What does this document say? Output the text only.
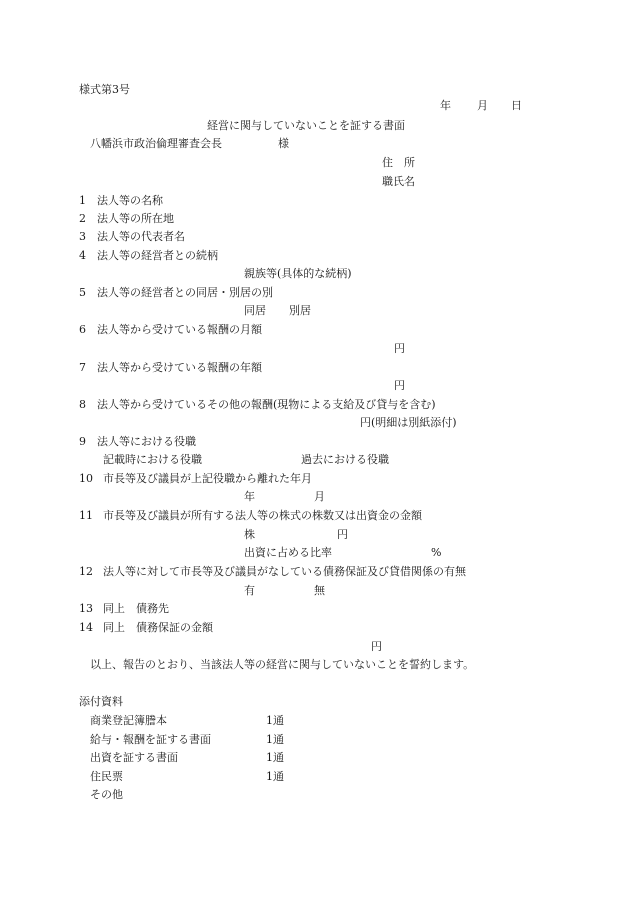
様式第3号
年 月 日
経営に関与していないことを証する書面
八幡浜市政治倫理審査会長	様
住　所
職氏名
1 法人等の名称
2 法人等の所在地
3 法人等の代表者名
4 法人等の経営者との続柄
親族等(具体的な続柄)
5 法人等の経営者との同居・別居の別
同居 別居
6 法人等から受けている報酬の月額
円
7 法人等から受けている報酬の年額
円
8 法人等から受けているその他の報酬(現物による支給及び貸与を含む)
円(明細は別紙添付)
9 法人等における役職
記載時における役職	過去における役職
10 市長等及び議員が上記役職から離れた年月
年	月
11 市長等及び議員が所有する法人等の株式の株数又は出資金の金額
株	円
出資に占める比率	%
12 法人等に対して市長等及び議員がなしている債務保証及び貸借関係の有無
有	無
13 同上　債務先
14 同上　債務保証の金額
円
以上、報告のとおり、当該法人等の経営に関与していないことを誓約します。
添付資料
商業登記簿謄本	1通
給与・報酬を証する書面	1通
出資を証する書面	1通
住民票	1通
その他
